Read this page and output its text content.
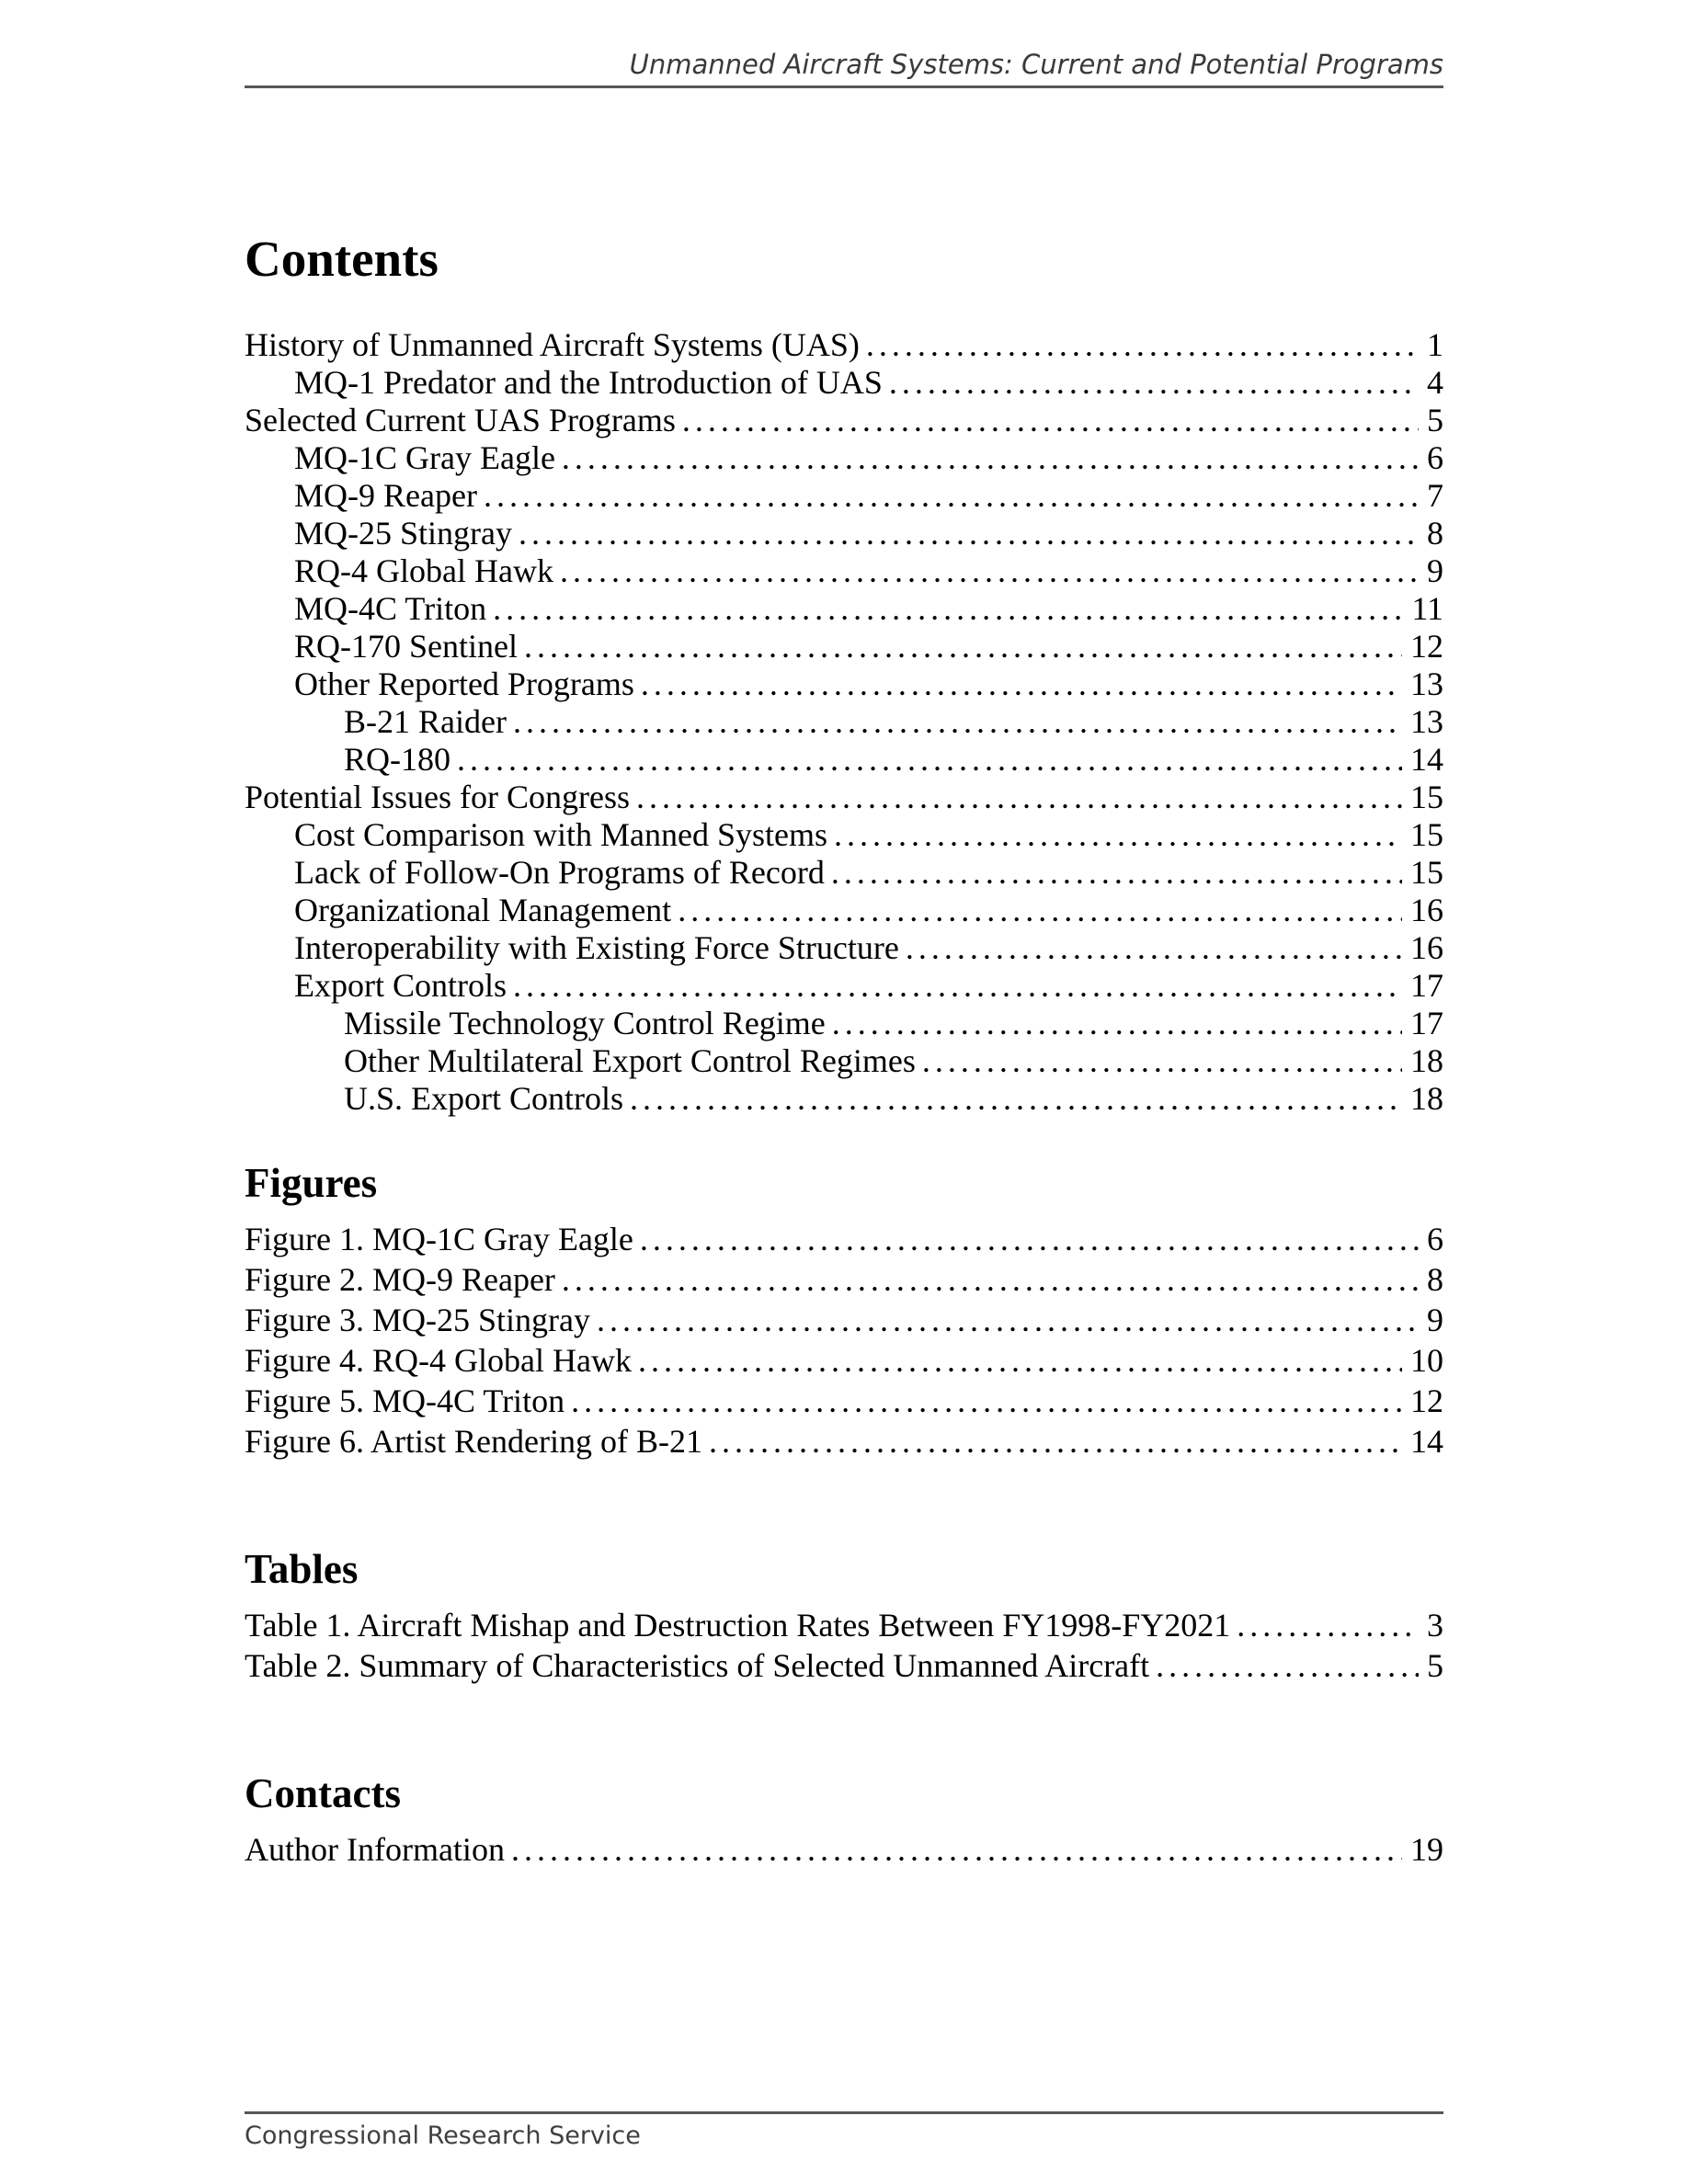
Unmanned Aircraft Systems: Current and Potential Programs
Contents
History of Unmanned Aircraft Systems (UAS) .....	1
MQ-1 Predator and the Introduction of UAS .....	4
Selected Current UAS Programs .....	5
MQ-1C Gray Eagle .....	6
MQ-9 Reaper .....	7
MQ-25 Stingray .....	8
RQ-4 Global Hawk .....	9
MQ-4C Triton .....	11
RQ-170 Sentinel .....	12
Other Reported Programs .....	13
B-21 Raider .....	13
RQ-180 .....	14
Potential Issues for Congress .....	15
Cost Comparison with Manned Systems .....	15
Lack of Follow-On Programs of Record .....	15
Organizational Management .....	16
Interoperability with Existing Force Structure .....	16
Export Controls .....	17
Missile Technology Control Regime .....	17
Other Multilateral Export Control Regimes .....	18
U.S. Export Controls .....	18
Figures
Figure 1. MQ-1C Gray Eagle .....	6
Figure 2. MQ-9 Reaper .....	8
Figure 3. MQ-25 Stingray .....	9
Figure 4. RQ-4 Global Hawk .....	10
Figure 5. MQ-4C Triton .....	12
Figure 6. Artist Rendering of B-21 .....	14
Tables
Table 1. Aircraft Mishap and Destruction Rates Between FY1998-FY2021 .....	3
Table 2. Summary of Characteristics of Selected Unmanned Aircraft .....	5
Contacts
Author Information .....	19
Congressional Research Service
